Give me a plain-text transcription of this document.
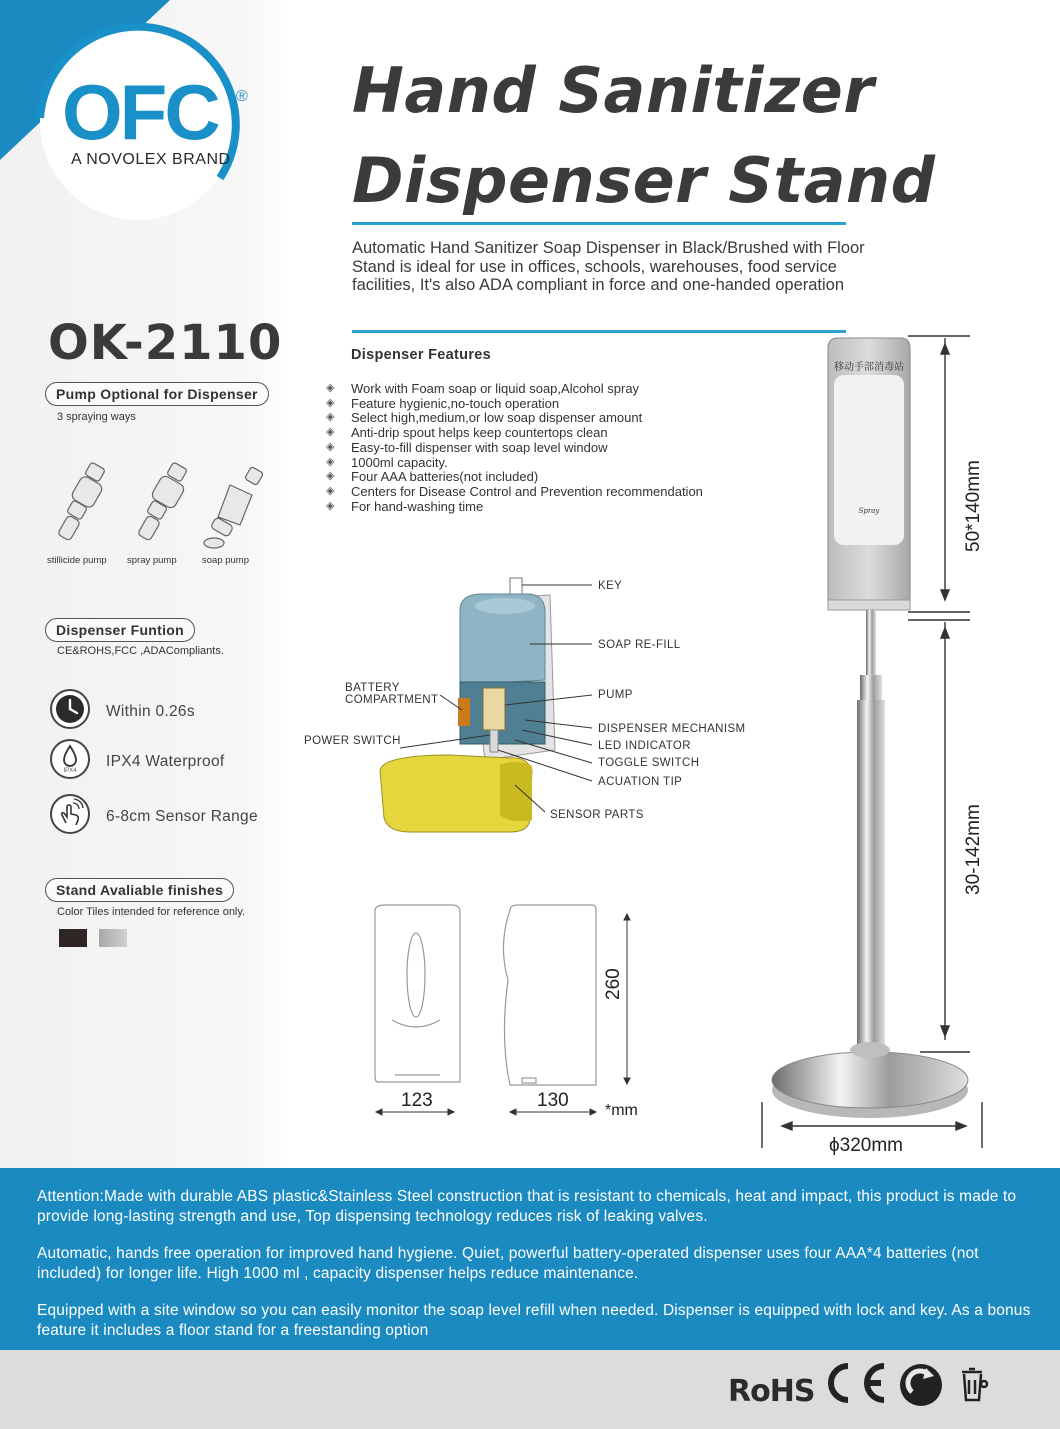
OFC ®
A NOVOLEX BRAND
Hand Sanitizer
Dispenser Stand
Automatic Hand Sanitizer Soap Dispenser in Black/Brushed with Floor Stand is ideal for use in offices, schools, warehouses, food service facilities, It's also ADA compliant in force and one-handed operation
OK-2110
Pump Optional for Dispenser
3 spraying ways
stillicide pump spray pump	soap pump
Dispenser Funtion
CE&ROHS,FCC ,ADACompliants.
Within 0.26s
IPX4
IPX4 Waterproof
6-8cm Sensor Range
Stand Avaliable finishes
Color Tiles intended for reference only.
Dispenser Features
◈ Work with Foam soap or liquid soap,Alcohol spray
◈ Feature hygienic,no-touch operation
◈ Select high,medium,or low soap dispenser amount
◈ Anti-drip spout helps keep countertops clean
◈ Easy-to-fill dispenser with soap level window
◈ 1000ml capacity.
◈ Four AAA batteries(not included)
◈ Centers for Disease Control and Prevention recommendation
◈ For hand-washing time
KEY
SOAP RE-FILL
BATTERY
COMPARTMENT	PUMP
POWER SWITCH
DISPENSER MECHANISM
LED INDICATOR
TOGGLE SWITCH
ACUATION TIP
SENSOR PARTS
123	130
260
*mm
移动手部消毒站
Spray	50*140mm
30-142mm
ϕ320mm
Attention:Made with durable ABS plastic&Stainless Steel construction that is resistant to chemicals, heat and impact, this product is made to provide long-lasting strength and use, Top dispensing technology reduces risk of leaking valves.
Automatic, hands free operation for improved hand hygiene. Quiet, powerful battery-operated dispenser uses four AAA*4 batteries (not included) for longer life. High 1000 ml , capacity dispenser helps reduce maintenance.
Equipped with a site window so you can easily monitor the soap level refill when needed. Dispenser is equipped with lock and key. As a bonus feature it includes a floor stand for a freestanding option
RoHS
